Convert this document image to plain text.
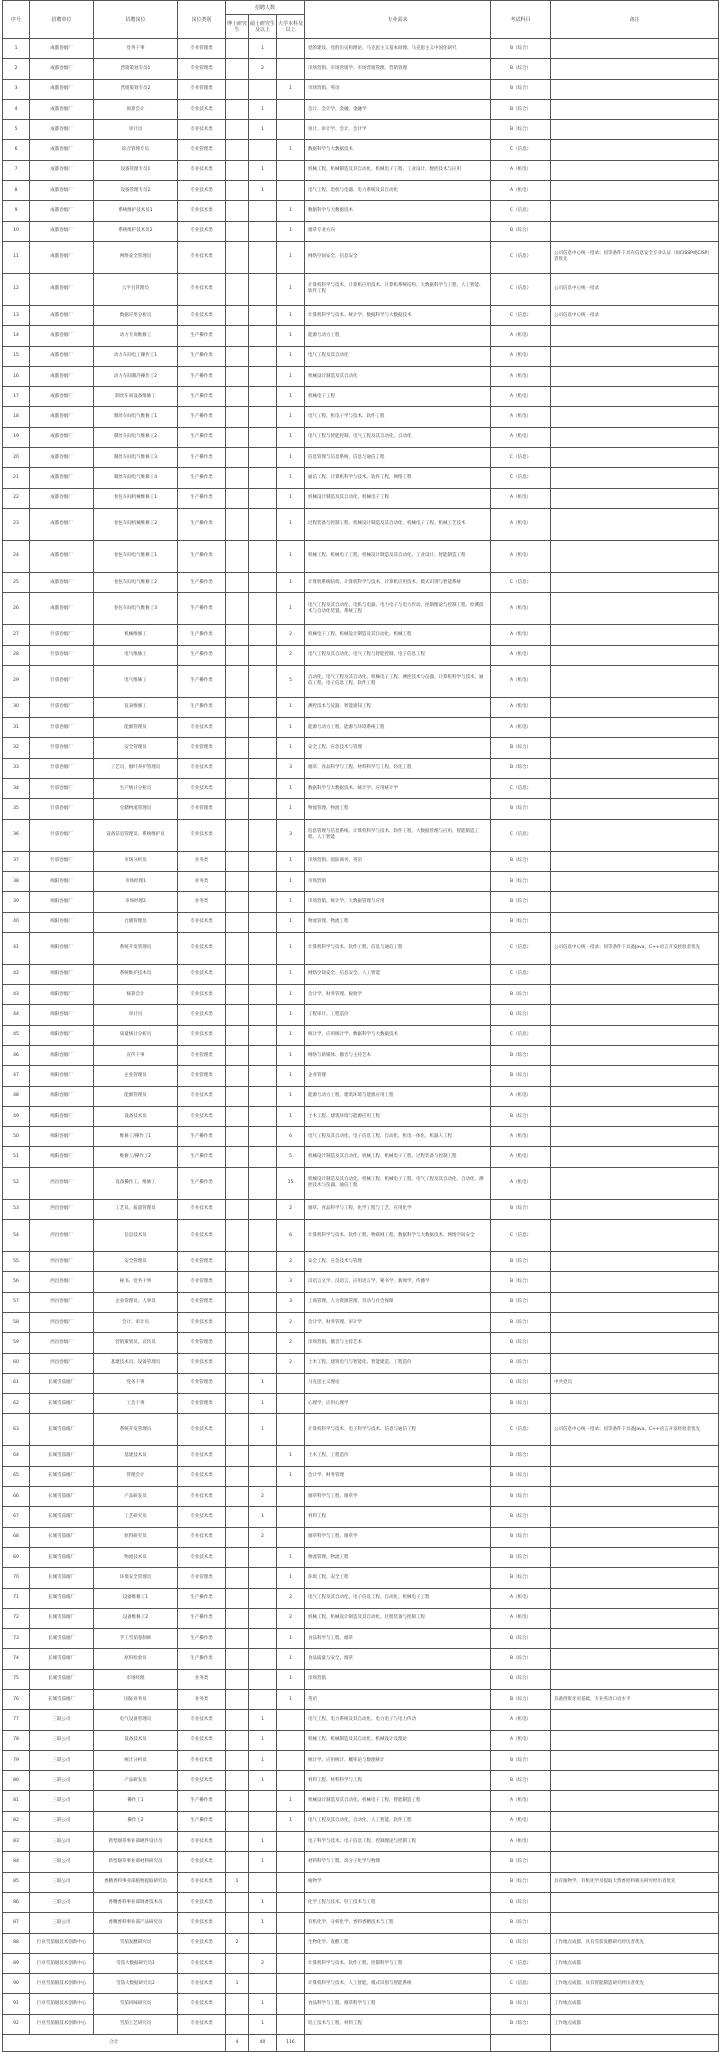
序号	招聘单位	招聘岗位	岗位类别	招聘人数			专业需求	考试科目	备注
				博士研究生	硕士研究生及以上	大学本科及以上			
1	成都卷烟厂	党务干事	专业管理类		1		党的建设、党的历史和理论、马克思主义基本原理、马克思主义中国化研究	B（综合）	
2	成都卷烟厂	营销策划专员1	专业管理类		2		市场营销、市场营销学、市场营销管理、营销管理	B（综合）	
3	成都卷烟厂	营销策划专员2	专业管理类			1	市场营销、英语	B（综合）	
4	成都卷烟厂	预算会计	专业技术类		1		会计、会计学、金融、金融学	B（综合）	
5	成都卷烟厂	审计员	专业技术类		1		审计、审计学、会计、会计学	B（综合）	
6	成都卷烟厂	综合管理专员	专业管理类			1	数据科学与大数据技术	C（信息）	
7	成都卷烟厂	设备管理专员1	专业技术类		1		机械工程、机械制造及其自动化、机械电子工程、工业设计、数控技术与应用	A（机电）	
8	成都卷烟厂	设备管理专员2	专业技术类		1		电气工程、电机与电器、电力系统及其自动化	A（机电）	
9	成都卷烟厂	系统维护技术员1	专业技术类			1	数据科学与大数据技术	C（信息）	
10	成都卷烟厂	系统维护技术员2	专业技术类			1	烟草专业方向	B（综合）	
11	成都卷烟厂	网络安全管理员	专业技术类			1	网络空间安全、信息安全	C（信息）	公司信息中心统一招录；同等条件下具有信息安全专业认证（如CISSP或CISP）者优先
12	成都卷烟厂	云平台管理员	专业技术类			1	计算机科学与技术、计算机应用技术、计算机系统结构、大数据科学与工程、人工智能、软件工程	C（信息）	公司信息中心统一招录
13	成都卷烟厂	数据应用分析员	专业技术类			1	计算机科学与技术、统计学、数据科学与大数据技术	C（信息）	公司信息中心统一招录
14	成都卷烟厂	动力专岗维修工	生产操作类			1	能源与动力工程	A（机电）	
15	成都卷烟厂	动力车间电工操作工1	生产操作类			1	电气工程及其自动化	A（机电）	
16	成都卷烟厂	动力车间制冷操作工2	生产操作类			1	机械设计制造及其自动化	A（机电）	
17	成都卷烟厂	制丝车间设备维修工	生产操作类			1	机械电子工程	A（机电）	
18	成都卷烟厂	制丝车间电气维修工1	生产操作类			1	电气工程、机电子学与技术、软件工程	A（机电）	
19	成都卷烟厂	制丝车间电气维修工2	生产操作类			1	电气工程与智能控制、电气工程及其自动化、自动化	A（机电）	
20	成都卷烟厂	制丝车间电气维修工3	生产操作类			1	信息管理与信息系统、信息与通信工程	C（信息）	
21	成都卷烟厂	制丝车间电气维修工4	生产操作类			1	通信工程、计算机科学与技术、软件工程、网络工程	C（信息）	
22	成都卷烟厂	卷包车间机械维修工1	生产操作类			1	机械设计制造及其自动化、机械电子工程	A（机电）	
23	成都卷烟厂	卷包车间机械维修工2	生产操作类			1	过程装备与控制工程、机械设计制造及其自动化、机械电子工程、机械工艺技术	A（机电）	
24	成都卷烟厂	卷包车间电气维修工1	生产操作类			1	机械工程、机械电子工程、机械设计制造及其自动化、工业设计、智能制造工程	A（机电）	
25	成都卷烟厂	卷包车间电气维修工2	生产操作类			1	计算机系统结构、计算机科学与技术、计算机应用技术、模式识别与智能系统	C（信息）	
26	成都卷烟厂	卷包车间电气维修工3	生产操作类			1	电气工程及其自动化、电机与电器、电力电子与电力传动、控制理论与控制工程、检测技术与自动化装置、系统工程	A（机电）	
27	什邡卷烟厂	机械维修工	生产操作类			2	机械电子工程、机械设计制造及其自动化、机械工程	A（机电）	
28	什邡卷烟厂	电气维修工	生产操作类			2	电气工程及其自动化、电气工程与智能控制、电子信息工程	A（机电）	
29	什邡卷烟厂	电气维修工	生产操作类			5	自动化、电气工程及其自动化、机械电子工程、测控技术与仪器、计算机科学与技术、通信工程、电子信息工程、软件工程	A（机电）	
30	什邡卷烟厂	仪表维修工	生产操作类			1	测控技术与仪器、智能感知工程	A（机电）	
31	什邡卷烟厂	能源管理员	专业技术类			1	能源与动力工程、能源与环境系统工程	A（机电）	
32	什邡卷烟厂	安全管理员	专业管理类			1	安全工程、应急技术与管理	B（综合）	
33	什邡卷烟厂	工艺员、烟叶养护管理员	专业技术类			3	烟草、食品科学与工程、材料科学与工程、轻化工程	B（综合）	
34	什邡卷烟厂	生产统计分析员	专业技术类			1	数据科学与大数据技术、统计学、应用统计学	C（信息）	
35	什邡卷烟厂	仓储物流管理员	专业管理类			1	物流管理、物流工程	B（综合）	
36	什邡卷烟厂	设备信息管理员、系统维护员	专业技术类			3	信息管理与信息系统、计算机科学与技术、软件工程、大数据管理与应用、智能制造工程、人工智能	C（信息）	
37	什邡卷烟厂	市场分析员	业务类			1	市场营销、国际商务、英语	B（综合）	
38	绵阳卷烟厂	市场经理1	业务类			1	市场营销	B（综合）	
39	绵阳卷烟厂	市场经理2	业务类			1	市场营销、统计学、大数据管理与应用	B（综合）	
40	绵阳卷烟厂	仓储管理员	专业技术类			1	物流管理、物流工程	B（综合）	
41	绵阳卷烟厂	系统开发管理员	专业技术类			1	计算机科学与技术、软件工程、信息与通信工程	C（信息）	公司信息中心统一招录；同等条件下具备Java、C++语言开发经验者优先
42	绵阳卷烟厂	系统维护技术员	专业技术类			1	网络空间安全、信息安全、人工智能	C（信息）	
43	绵阳卷烟厂	核算会计	专业技术类			1	会计学、财务管理、税收学	B（综合）	
44	绵阳卷烟厂	审计员	专业技术类			1	工程审计、工程造价	B（综合）	
45	绵阳卷烟厂	质量统计分析员	专业技术类			1	统计学、应用统计学、数据科学与大数据技术	C（信息）	
46	绵阳卷烟厂	宣传干事	专业管理类			1	网络与新媒体、播音与主持艺术	B（综合）	
47	绵阳卷烟厂	企业管理员	专业管理类			1	企业管理	B（综合）	
48	绵阳卷烟厂	能源管理员	专业技术类			1	能源与动力工程、建筑环境与能源应用工程	A（机电）	
49	绵阳卷烟厂	设备技术员	专业技术类			1	土木工程、建筑环境与能源应用工程	B（综合）	
50	绵阳卷烟厂	维修工/操作工1	生产操作类			6	电气工程及其自动化、电子信息工程、自动化、机电一体化、机器人工程	A（机电）	
51	绵阳卷烟厂	维修工/操作工2	生产操作类			5	机械设计制造及其自动化、机械工程、机械电子工程、过程装备与控制工程	A（机电）	
52	西昌卷烟厂	设备操作工、维修工	生产操作类			15	机械设计制造及其自动化、机械工程、机械电子工程、电气工程及其自动化、自动化、测控技术与仪器、通信工程	A（机电）	
53	西昌卷烟厂	工艺员、质量管理员	专业技术类			2	烟草、食品科学与工程、化学工程与工艺、应用化学	B（综合）	
54	西昌卷烟厂	信息技术员	专业技术类			6	计算机科学与技术、软件工程、物联网工程、数据科学与大数据技术、网络空间安全	C（信息）	
55	西昌卷烟厂	安全管理员	专业管理类			2	安全工程、应急技术与管理	B（综合）	
56	西昌卷烟厂	秘书、党务干事	专业管理类			3	汉语言文学、汉语言、应用语言学、秘书学、新闻学、传播学	B（综合）	
57	西昌卷烟厂	企业管理员、人事员	专业管理类			3	工商管理、人力资源管理、劳动与社会保障	B（综合）	
58	西昌卷烟厂	会计、审计员	专业技术类			2	会计学、财务管理、审计学	B（综合）	
59	西昌卷烟厂	营销策划员、宣传员	专业管理类			2	市场营销、播音与主持艺术	B（综合）	
60	西昌卷烟厂	基建技术员、设备管理员	专业技术类			2	土木工程、建筑电气与智能化、智能建造、工程造价	B（综合）	
61	长城雪茄烟厂	党务干事	专业管理类		1		马克思主义理论	B（综合）	中共党员
62	长城雪茄烟厂	工会干事	专业管理类		1		心理学、应用心理学	B（综合）	
63	长城雪茄烟厂	系统开发管理员	专业技术类		1		计算机科学与技术、电子科学与技术、信息与通信工程	C（信息）	公司信息中心统一招录；同等条件下具备Java、C++语言开发经验者优先
64	长城雪茄烟厂	基建技术员	专业技术类			1	土木工程、工程造价	B（综合）	
65	长城雪茄烟厂	管理会计	专业技术类			1	会计学、财务管理	B（综合）	
66	长城雪茄烟厂	产品研发员	专业技术类		2		烟草科学与工程、烟草学	B（综合）	
67	长城雪茄烟厂	工艺研究员	专业技术类		1		材料工程	B（综合）	
68	长城雪茄烟厂	原料研究员	专业技术类		2		烟草科学与工程、烟草学	B（综合）	
69	长城雪茄烟厂	物流技术员	专业技术类			1	物流管理、物流工程	B（综合）	
70	长城雪茄烟厂	环境安全管理员	专业管理类			1	环境工程、安全工程	B（综合）	
71	长城雪茄烟厂	设备维修工1	生产操作类			2	电气工程及其自动化、电子信息工程、自动化、机械电子工程	A（机电）	
72	长城雪茄烟厂	设备维修工2	生产操作类			2	机械工程、机械设计制造及其自动化、过程装备与控制工程	A（机电）	
73	长城雪茄烟厂	手工雪茄卷制师	生产操作类			1	食品科学与工程、烟草	B（综合）	
74	长城雪茄烟厂	原料检验员	生产操作类			1	食品质量与安全、烟草	B（综合）	
75	长城雪茄烟厂	市场经理	业务类			1	市场营销	B（综合）	
76	长城雪茄烟厂	国际业务员	业务类			1	英语	B（综合）	具备西班牙语基础，专业英语口语水平
77	三联公司	电气设备管理员	专业技术类		1		电气工程、电力系统及其自动化、电力电子与电力传动	A（机电）	
78	三联公司	设备技术员	专业技术类		1		机械工程、机械制造及其自动化、机械设计及理论	A（机电）	
79	三联公司	统计分析员	专业技术类		1		统计学、应用统计、概率论与数理统计	B（综合）	
80	三联公司	产品研发员	专业技术类		1		材料工程、材料科学与工程	B（综合）	
81	三联公司	操作工1	生产操作类			1	机械设计制造及其自动化、机械电子工程、智能制造工程	A（机电）	
82	三联公司	操作工2	生产操作类			1	电气工程及其自动化、自动化、人工智能、软件工程	A（机电）	
83	三联公司	新型烟草事业部硬件设计员	专业技术类		1		电子科学与技术、电子信息工程、控制理论与控制工程	A（机电）	
84	三联公司	新型烟草事业部材料研究员	专业技术类		1		材料科学与工程、高分子化学与物理	B（综合）	
85	三联公司	香精香料事业部植物提取研究员	专业技术类	1			植物学	B（综合）	具有植物学、有机化学及提取天然香原料相关研究经历者优先
86	三联公司	香精香料事业部调香技术员	专业技术类		1		化学工程与技术、轻工技术与工程	B（综合）	
87	三联公司	香精香料事业部产品研究员	专业技术类		1		有机化学、分析化学、香料香精技术与工程	B（综合）	
88	行业雪茄烟技术创新中心	雪茄发酵研究员	专业技术类	2			生物化学、发酵工程	B（综合）	工作地点成都，具有雪茄发酵研究经历者优先
89	行业雪茄烟技术创新中心	雪茄大数据研究员1	专业技术类		2		计算机科学与技术、软件工程、控制科学与工程	C（信息）	工作地点成都
90	行业雪茄烟技术创新中心	雪茄大数据研究员2	专业技术类	1			计算机科学与技术、人工智能、模式识别与智能系统	C（信息）	工作地点成都，具有智能制造研究经历者优先
91	行业雪茄烟技术创新中心	雪茄风味研究员	专业技术类		1		食品科学与工程、烟草科学与工程	B（综合）	工作地点成都
92	行业雪茄烟技术创新中心	雪茄工艺研究员	专业技术类		1		轻工技术与工程、材料工程	B（综合）	工作地点成都
合计				4	40	116			
